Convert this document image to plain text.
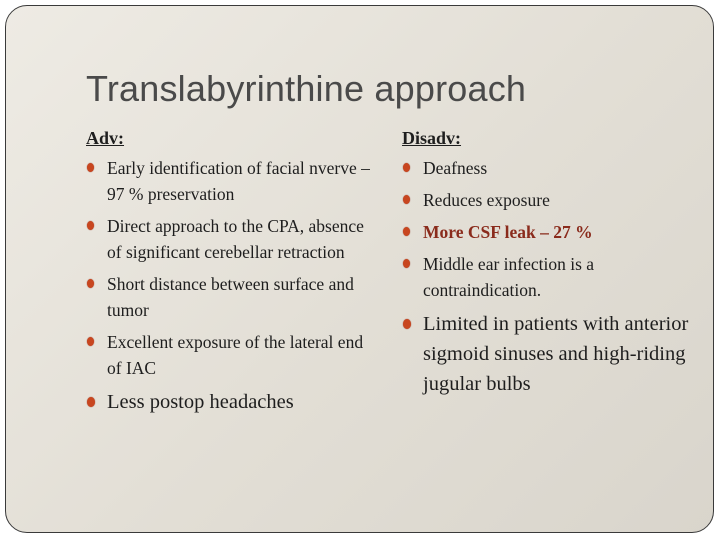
Translabyrinthine approach
Adv:
Early identification of facial nverve – 97 % preservation
Direct approach to the CPA, absence of significant cerebellar retraction
Short distance between surface and tumor
Excellent exposure of the lateral end of IAC
Less postop headaches
Disadv:
Deafness
Reduces exposure
More CSF leak – 27 %
Middle ear infection is a contraindication.
Limited in patients with anterior sigmoid sinuses and high-riding jugular bulbs
